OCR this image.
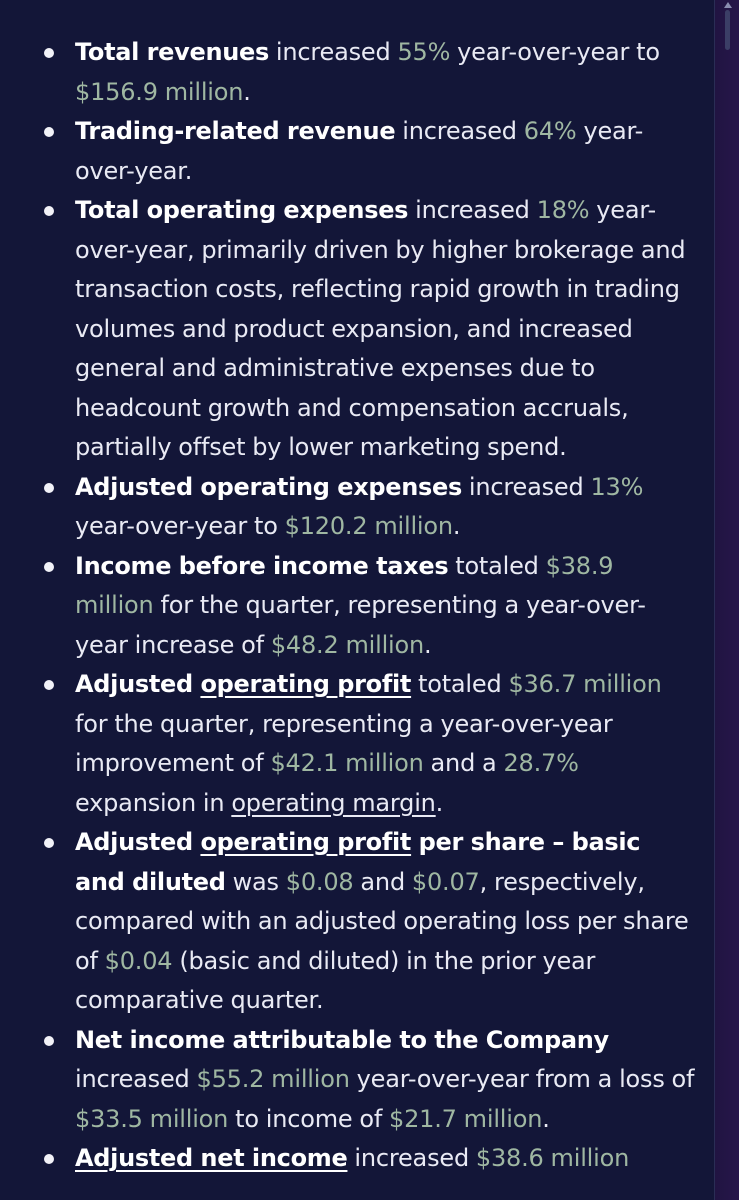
Total revenues increased 55% year-over-year to $156.9 million.
Trading-related revenue increased 64% year-over-year.
Total operating expenses increased 18% year-over-year, primarily driven by higher brokerage and transaction costs, reflecting rapid growth in trading volumes and product expansion, and increased general and administrative expenses due to headcount growth and compensation accruals, partially offset by lower marketing spend.
Adjusted operating expenses increased 13% year-over-year to $120.2 million.
Income before income taxes totaled $38.9 million for the quarter, representing a year-over-year increase of $48.2 million.
Adjusted operating profit totaled $36.7 million for the quarter, representing a year-over-year improvement of $42.1 million and a 28.7% expansion in operating margin.
Adjusted operating profit per share – basic and diluted was $0.08 and $0.07, respectively, compared with an adjusted operating loss per share of $0.04 (basic and diluted) in the prior year comparative quarter.
Net income attributable to the Company increased $55.2 million year-over-year from a loss of $33.5 million to income of $21.7 million.
Adjusted net income increased $38.6 million
